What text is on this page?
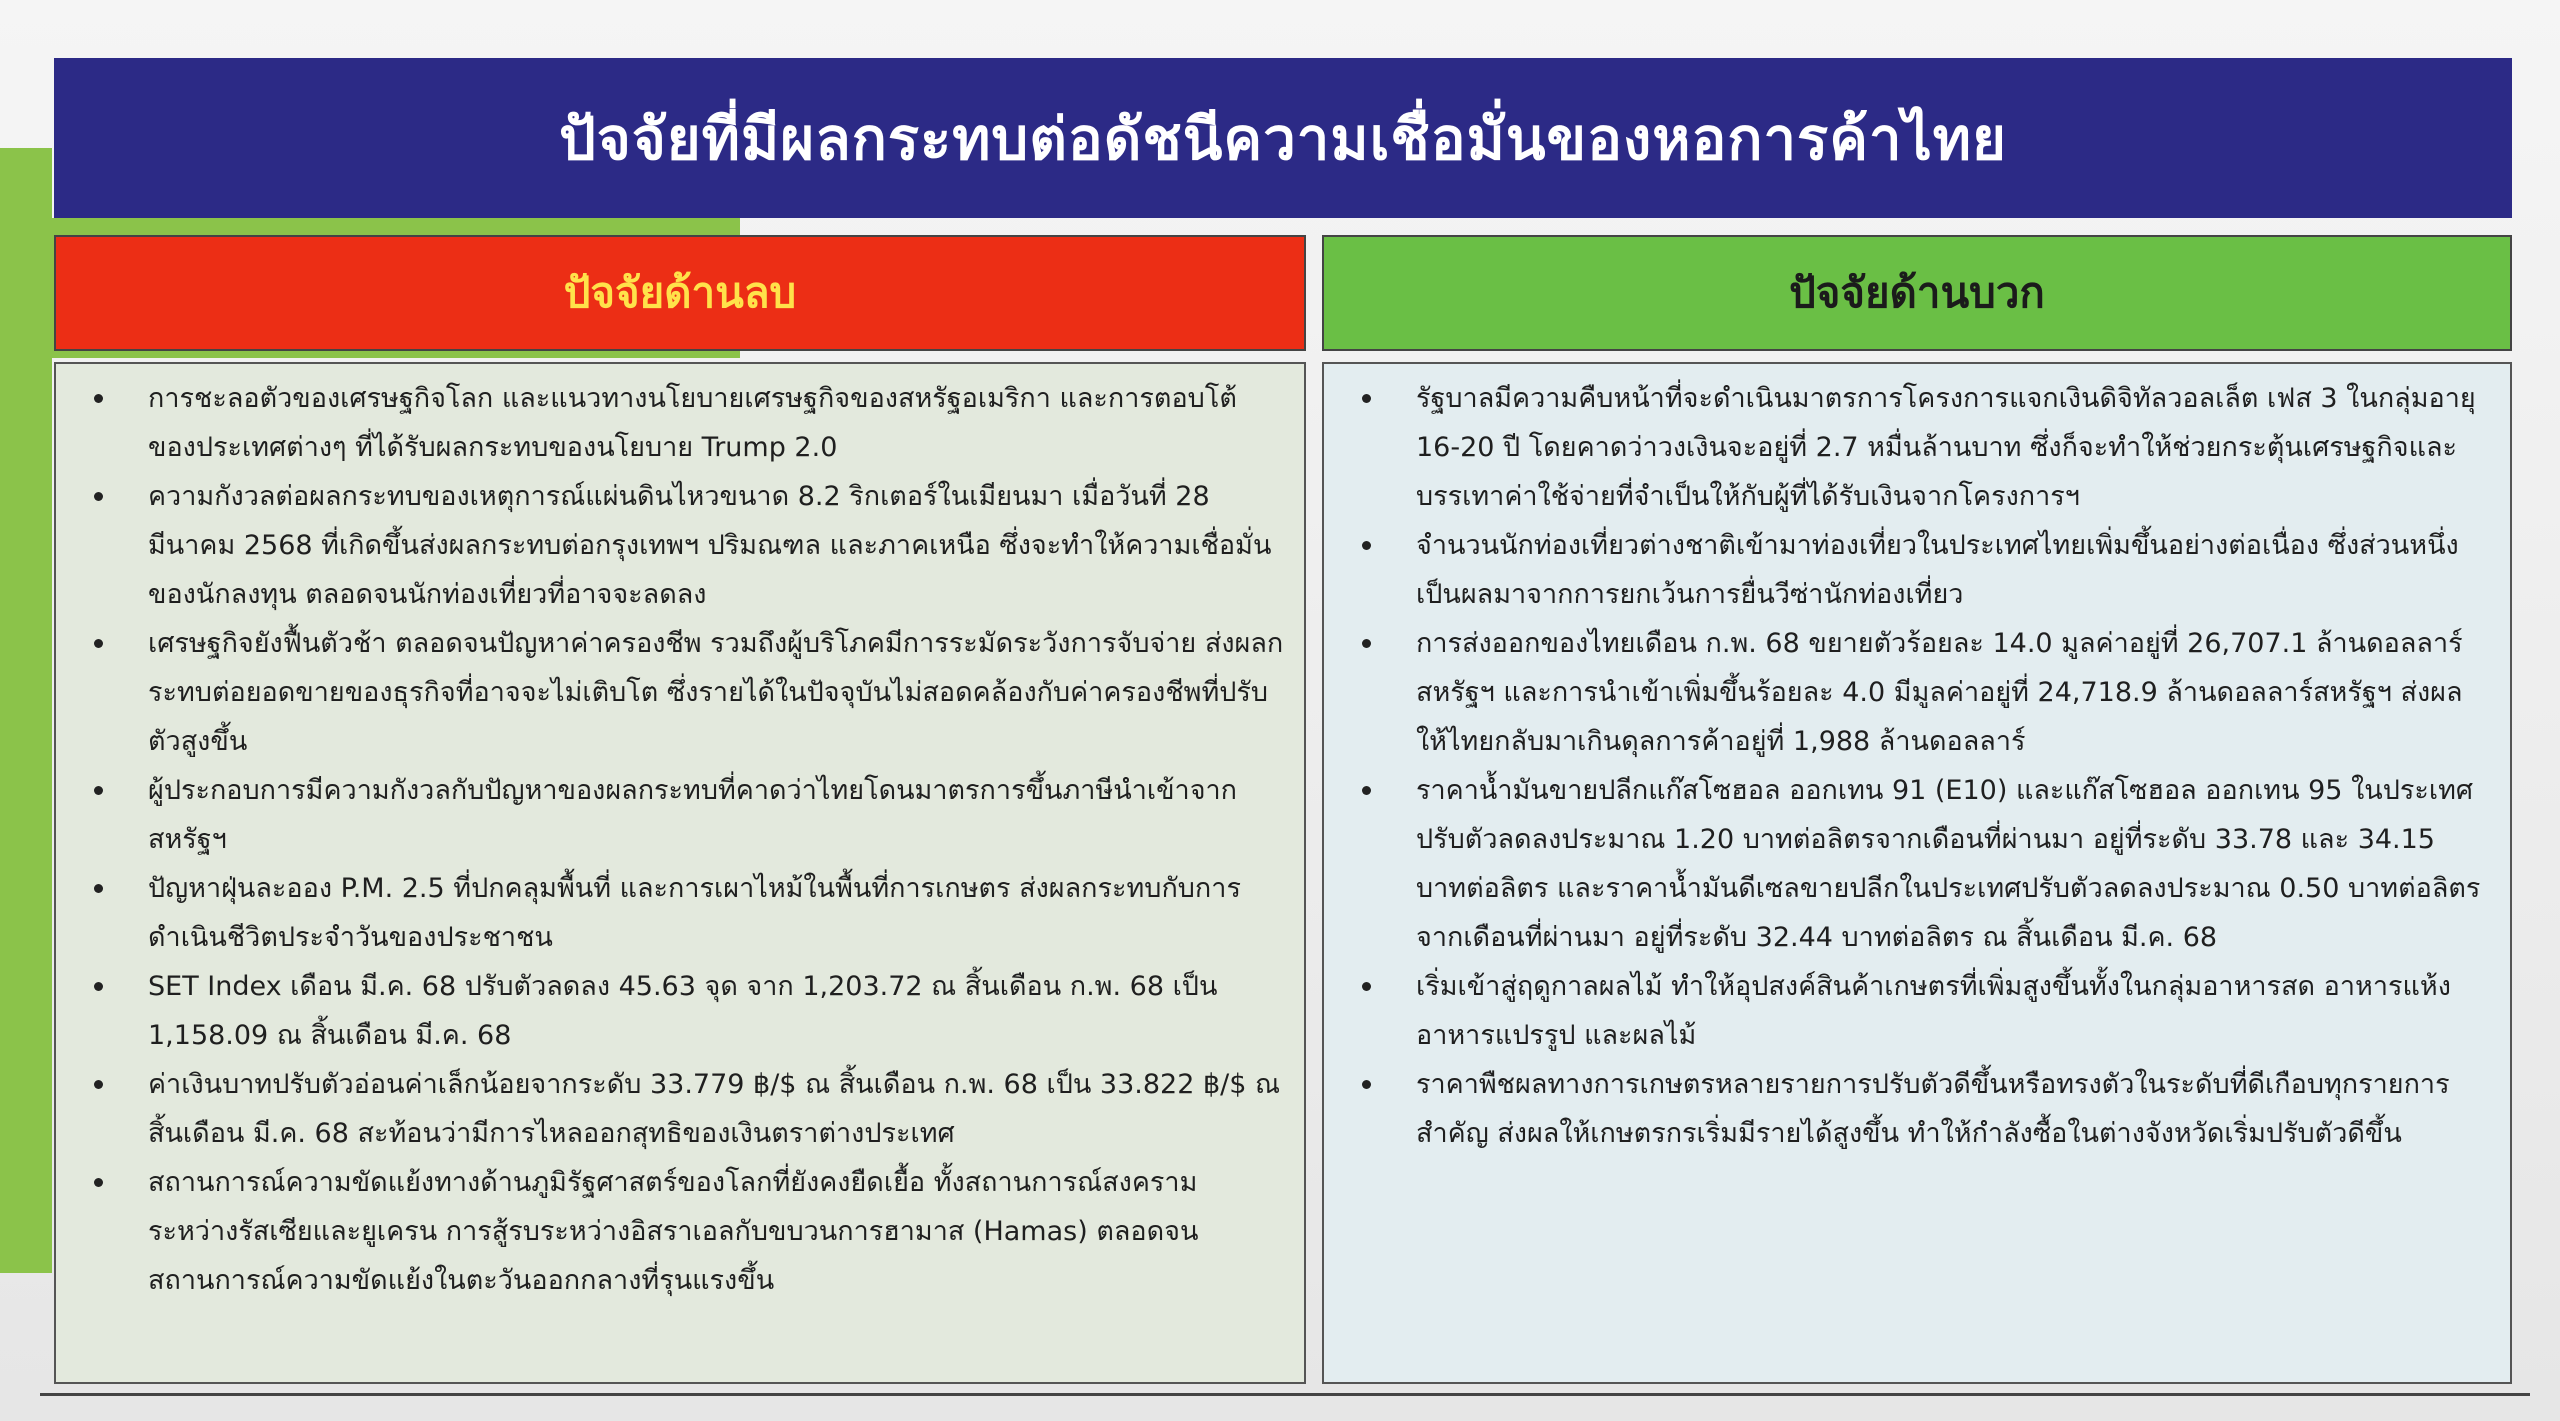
ปัจจัยที่มีผลกระทบต่อดัชนีความเชื่อมั่นของหอการค้าไทย
ปัจจัยด้านลบ	ปัจจัยด้านบวก
การชะลอตัวของเศรษฐกิจโลก และแนวทางนโยบายเศรษฐกิจของสหรัฐอเมริกา และการตอบโต้ของประเทศต่างๆ ที่ได้รับผลกระทบของนโยบาย Trump 2.0
ความกังวลต่อผลกระทบของเหตุการณ์แผ่นดินไหวขนาด 8.2 ริกเตอร์ในเมียนมา เมื่อวันที่ 28 มีนาคม 2568 ที่เกิดขึ้นส่งผลกระทบต่อกรุงเทพฯ ปริมณฑล และภาคเหนือ ซึ่งจะทำให้ความเชื่อมั่นของนักลงทุน ตลอดจนนักท่องเที่ยวที่อาจจะลดลง
เศรษฐกิจยังฟื้นตัวช้า ตลอดจนปัญหาค่าครองชีพ รวมถึงผู้บริโภคมีการระมัดระวังการจับจ่าย ส่งผลกระทบต่อยอดขายของธุรกิจที่อาจจะไม่เติบโต ซึ่งรายได้ในปัจจุบันไม่สอดคล้องกับค่าครองชีพที่ปรับตัวสูงขึ้น
ผู้ประกอบการมีความกังวลกับปัญหาของผลกระทบที่คาดว่าไทยโดนมาตรการขึ้นภาษีนำเข้าจากสหรัฐฯ
ปัญหาฝุ่นละออง P.M. 2.5 ที่ปกคลุมพื้นที่ และการเผาไหม้ในพื้นที่การเกษตร ส่งผลกระทบกับการดำเนินชีวิตประจำวันของประชาชน
SET Index เดือน มี.ค. 68 ปรับตัวลดลง 45.63 จุด จาก 1,203.72 ณ สิ้นเดือน ก.พ. 68 เป็น 1,158.09 ณ สิ้นเดือน มี.ค. 68
ค่าเงินบาทปรับตัวอ่อนค่าเล็กน้อยจากระดับ 33.779 ฿/$ ณ สิ้นเดือน ก.พ. 68 เป็น 33.822 ฿/$ ณ สิ้นเดือน มี.ค. 68 สะท้อนว่ามีการไหลออกสุทธิของเงินตราต่างประเทศ
สถานการณ์ความขัดแย้งทางด้านภูมิรัฐศาสตร์ของโลกที่ยังคงยืดเยื้อ ทั้งสถานการณ์สงครามระหว่างรัสเซียและยูเครน การสู้รบระหว่างอิสราเอลกับขบวนการฮามาส (Hamas) ตลอดจนสถานการณ์ความขัดแย้งในตะวันออกกลางที่รุนแรงขึ้น
รัฐบาลมีความคืบหน้าที่จะดำเนินมาตรการโครงการแจกเงินดิจิทัลวอลเล็ต เฟส 3 ในกลุ่มอายุ 16-20 ปี โดยคาดว่าวงเงินจะอยู่ที่ 2.7 หมื่นล้านบาท ซึ่งก็จะทำให้ช่วยกระตุ้นเศรษฐกิจและบรรเทาค่าใช้จ่ายที่จำเป็นให้กับผู้ที่ได้รับเงินจากโครงการฯ
จำนวนนักท่องเที่ยวต่างชาติเข้ามาท่องเที่ยวในประเทศไทยเพิ่มขึ้นอย่างต่อเนื่อง ซึ่งส่วนหนึ่งเป็นผลมาจากการยกเว้นการยื่นวีซ่านักท่องเที่ยว
การส่งออกของไทยเดือน ก.พ. 68 ขยายตัวร้อยละ 14.0 มูลค่าอยู่ที่ 26,707.1 ล้านดอลลาร์สหรัฐฯ และการนำเข้าเพิ่มขึ้นร้อยละ 4.0 มีมูลค่าอยู่ที่ 24,718.9 ล้านดอลลาร์สหรัฐฯ ส่งผลให้ไทยกลับมาเกินดุลการค้าอยู่ที่ 1,988 ล้านดอลลาร์
ราคาน้ำมันขายปลีกแก๊สโซฮอล ออกเทน 91 (E10) และแก๊สโซฮอล ออกเทน 95 ในประเทศปรับตัวลดลงประมาณ 1.20 บาทต่อลิตรจากเดือนที่ผ่านมา อยู่ที่ระดับ 33.78 และ 34.15 บาทต่อลิตร และราคาน้ำมันดีเซลขายปลีกในประเทศปรับตัวลดลงประมาณ 0.50 บาทต่อลิตรจากเดือนที่ผ่านมา อยู่ที่ระดับ 32.44 บาทต่อลิตร ณ สิ้นเดือน มี.ค. 68
เริ่มเข้าสู่ฤดูกาลผลไม้ ทำให้อุปสงค์สินค้าเกษตรที่เพิ่มสูงขึ้นทั้งในกลุ่มอาหารสด อาหารแห้ง อาหารแปรรูป และผลไม้
ราคาพืชผลทางการเกษตรหลายรายการปรับตัวดีขึ้นหรือทรงตัวในระดับที่ดีเกือบทุกรายการสำคัญ ส่งผลให้เกษตรกรเริ่มมีรายได้สูงขึ้น ทำให้กำลังซื้อในต่างจังหวัดเริ่มปรับตัวดีขึ้น
